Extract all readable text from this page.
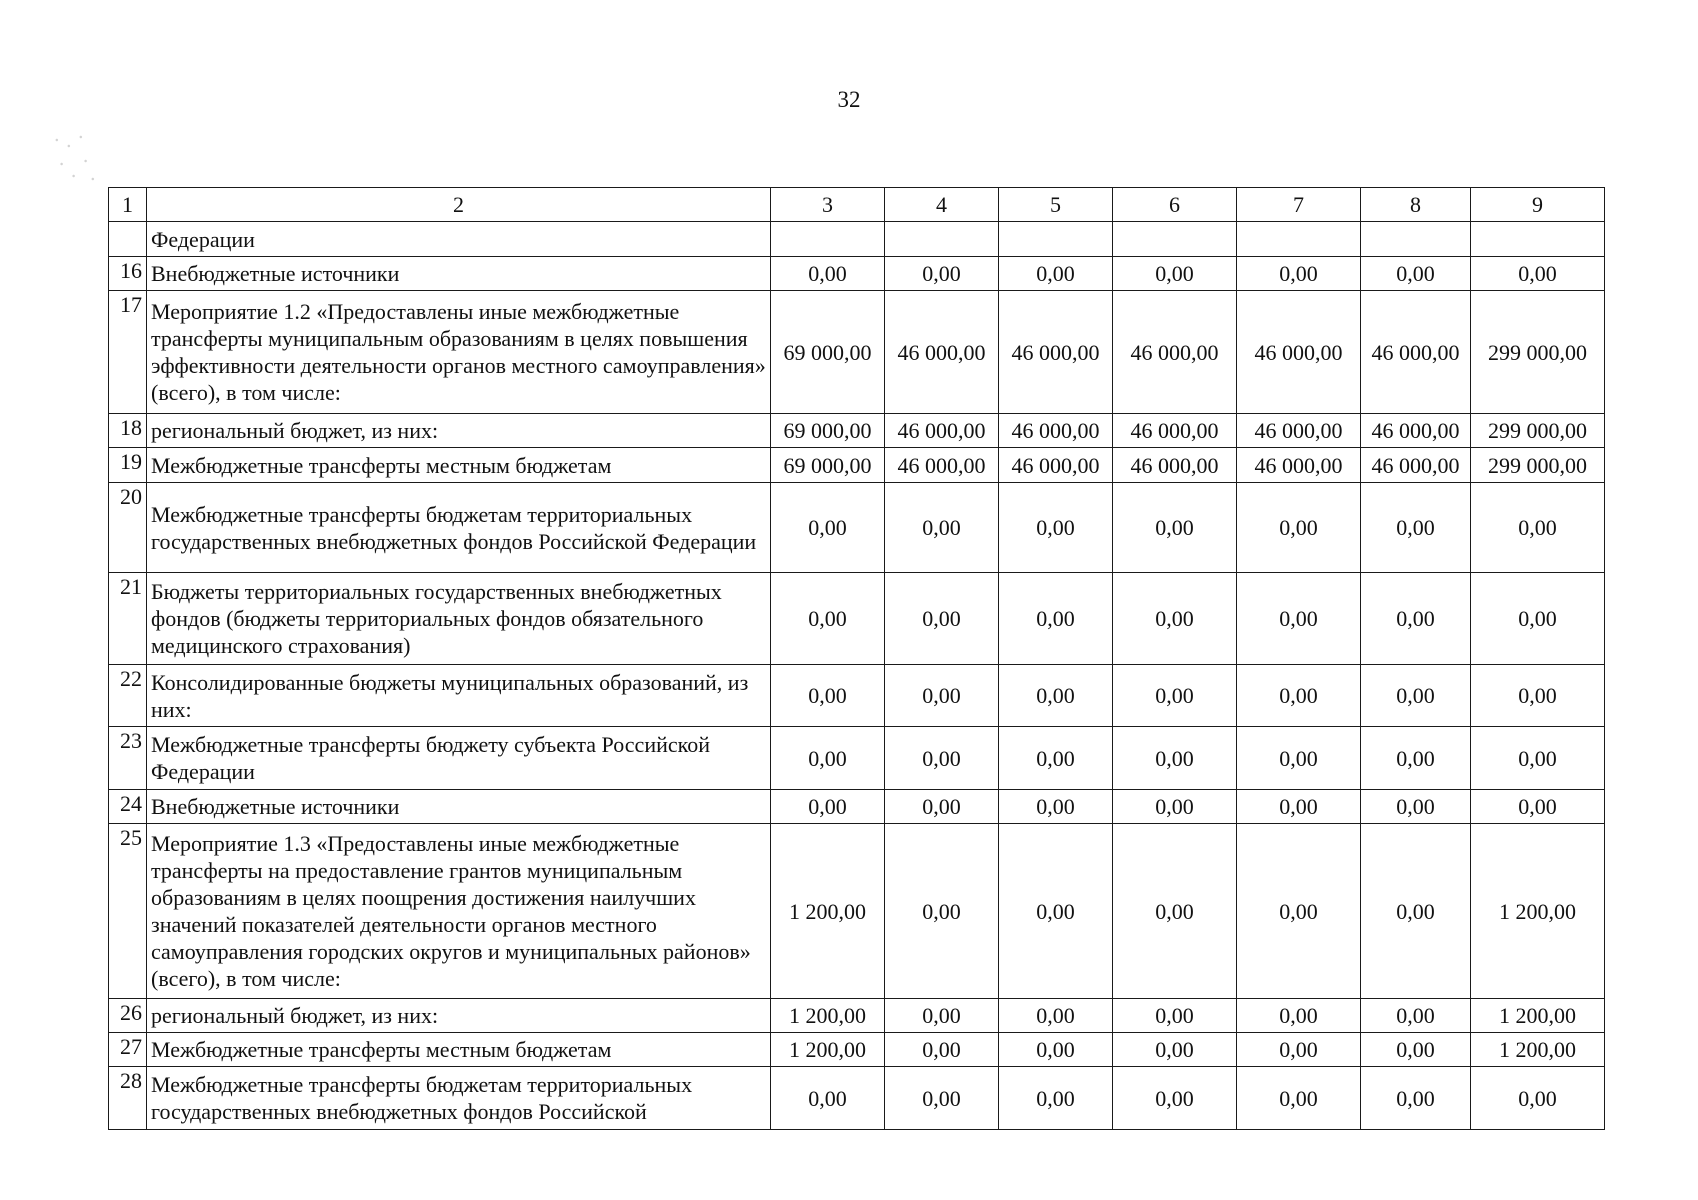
32
1	2	3	4	5	6	7	8	9
	Федерации							
16	Внебюджетные источники	0,00	0,00	0,00	0,00	0,00	0,00	0,00
17	Мероприятие 1.2 «Предоставлены иные межбюджетные трансферты муниципальным образованиям в целях повышения эффективности деятельности органов местного самоуправления» (всего), в том числе:	69 000,00	46 000,00	46 000,00	46 000,00	46 000,00	46 000,00	299 000,00
18	региональный бюджет, из них:	69 000,00	46 000,00	46 000,00	46 000,00	46 000,00	46 000,00	299 000,00
19	Межбюджетные трансферты местным бюджетам	69 000,00	46 000,00	46 000,00	46 000,00	46 000,00	46 000,00	299 000,00
20	Межбюджетные трансферты бюджетам территориальных государственных внебюджетных фондов Российской Федерации	0,00	0,00	0,00	0,00	0,00	0,00	0,00
21	Бюджеты территориальных государственных внебюджетных фондов (бюджеты территориальных фондов обязательного медицинского страхования)	0,00	0,00	0,00	0,00	0,00	0,00	0,00
22	Консолидированные бюджеты муниципальных образований, из них:	0,00	0,00	0,00	0,00	0,00	0,00	0,00
23	Межбюджетные трансферты бюджету субъекта Российской Федерации	0,00	0,00	0,00	0,00	0,00	0,00	0,00
24	Внебюджетные источники	0,00	0,00	0,00	0,00	0,00	0,00	0,00
25	Мероприятие 1.3 «Предоставлены иные межбюджетные трансферты на предоставление грантов муниципальным образованиям в целях поощрения достижения наилучших значений показателей деятельности органов местного самоуправления городских округов и муниципальных районов» (всего), в том числе:	1 200,00	0,00	0,00	0,00	0,00	0,00	1 200,00
26	региональный бюджет, из них:	1 200,00	0,00	0,00	0,00	0,00	0,00	1 200,00
27	Межбюджетные трансферты местным бюджетам	1 200,00	0,00	0,00	0,00	0,00	0,00	1 200,00
28	Межбюджетные трансферты бюджетам территориальных государственных внебюджетных фондов Российской	0,00	0,00	0,00	0,00	0,00	0,00	0,00
